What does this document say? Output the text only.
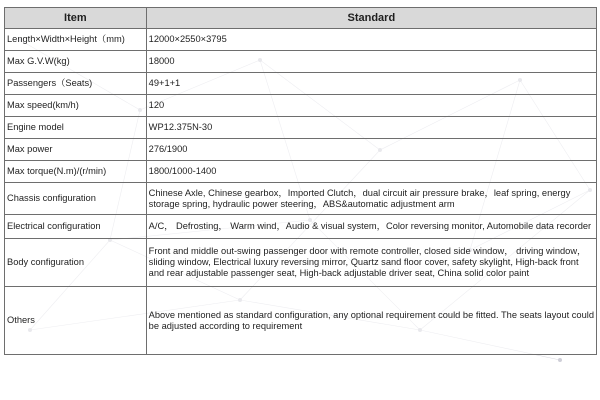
Item	Standard
Length×Width×Height（mm)	12000×2550×3795
Max G.V.W(kg)	18000
Passengers（Seats)	49+1+1
Max speed(km/h)	120
Engine model	WP12.375N-30
Max power	276/1900
Max torque(N.m)/(r/min)	1800/1000-1400
Chassis configuration	Chinese Axle, Chinese gearbox，Imported Clutch，dual circuit air pressure brake，leaf spring, energy storage spring, hydraulic power steering，ABS&automatic adjustment arm
Electrical configuration	A/C， Defrosting， Warm wind，Audio & visual system，Color reversing monitor, Automobile data recorder
Body configuration	Front and middle out-swing passenger door with remote controller, closed side window， driving window， sliding window, Electrical luxury reversing mirror, Quartz sand floor cover, safety skylight, High-back front and rear adjustable passenger seat, High-back adjustable driver seat, China solid color paint
Others	Above mentioned as standard configuration, any optional requirement could be fitted. The seats layout could be adjusted according to requirement
